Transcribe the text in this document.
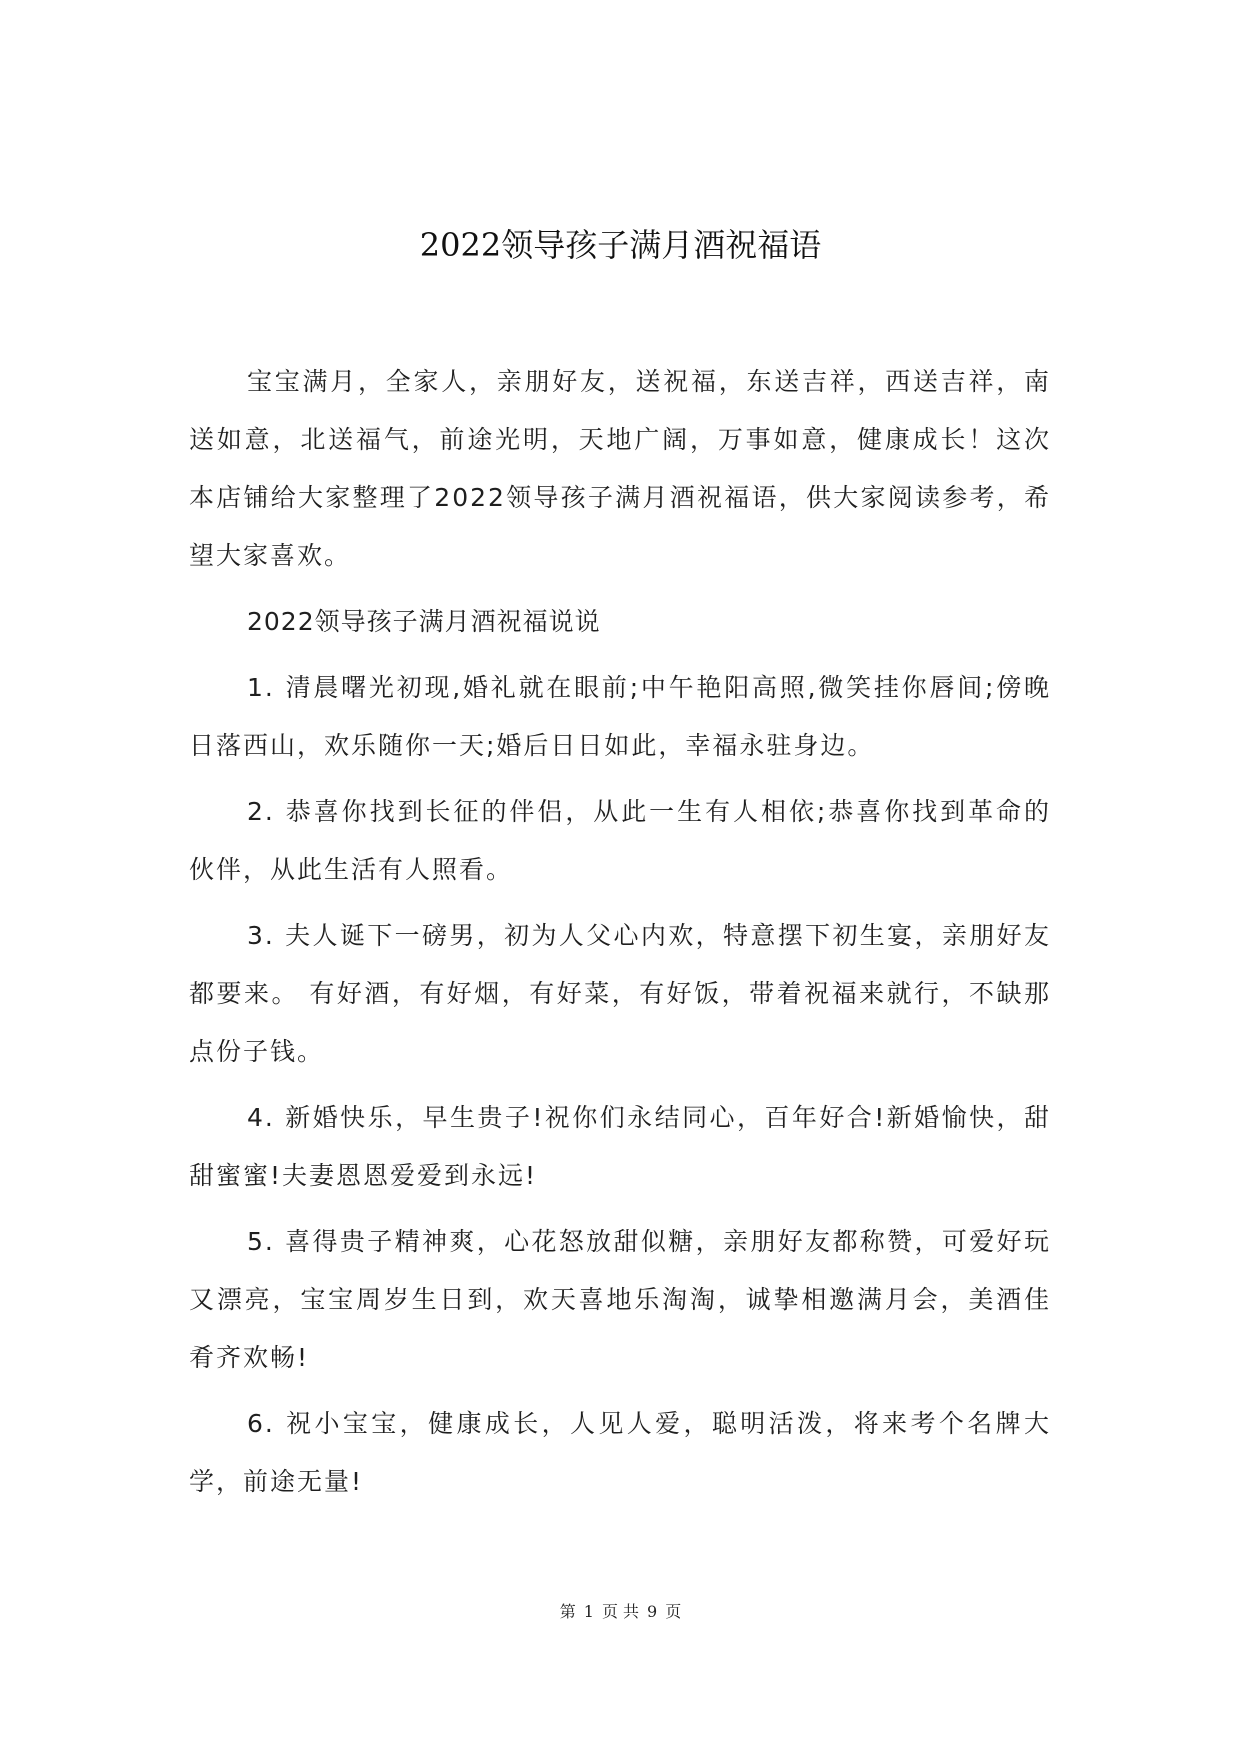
2022领导孩子满月酒祝福语

宝宝满月，全家人，亲朋好友，送祝福，东送吉祥，西送吉祥，南送如意，北送福气，前途光明，天地广阔，万事如意，健康成长！这次本店铺给大家整理了2022领导孩子满月酒祝福语，供大家阅读参考，希望大家喜欢。

2022领导孩子满月酒祝福说说

1. 清晨曙光初现,婚礼就在眼前;中午艳阳高照,微笑挂你唇间;傍晚日落西山，欢乐随你一天;婚后日日如此，幸福永驻身边。

2. 恭喜你找到长征的伴侣，从此一生有人相依;恭喜你找到革命的伙伴，从此生活有人照看。

3. 夫人诞下一磅男，初为人父心内欢，特意摆下初生宴，亲朋好友都要来。 有好酒，有好烟，有好菜，有好饭，带着祝福来就行，不缺那点份子钱。

4. 新婚快乐，早生贵子!祝你们永结同心，百年好合!新婚愉快，甜甜蜜蜜!夫妻恩恩爱爱到永远!

5. 喜得贵子精神爽，心花怒放甜似糖，亲朋好友都称赞，可爱好玩又漂亮，宝宝周岁生日到，欢天喜地乐淘淘，诚挚相邀满月会，美酒佳肴齐欢畅!

6. 祝小宝宝，健康成长，人见人爱，聪明活泼，将来考个名牌大学，前途无量!

第 1 页 共 9 页
